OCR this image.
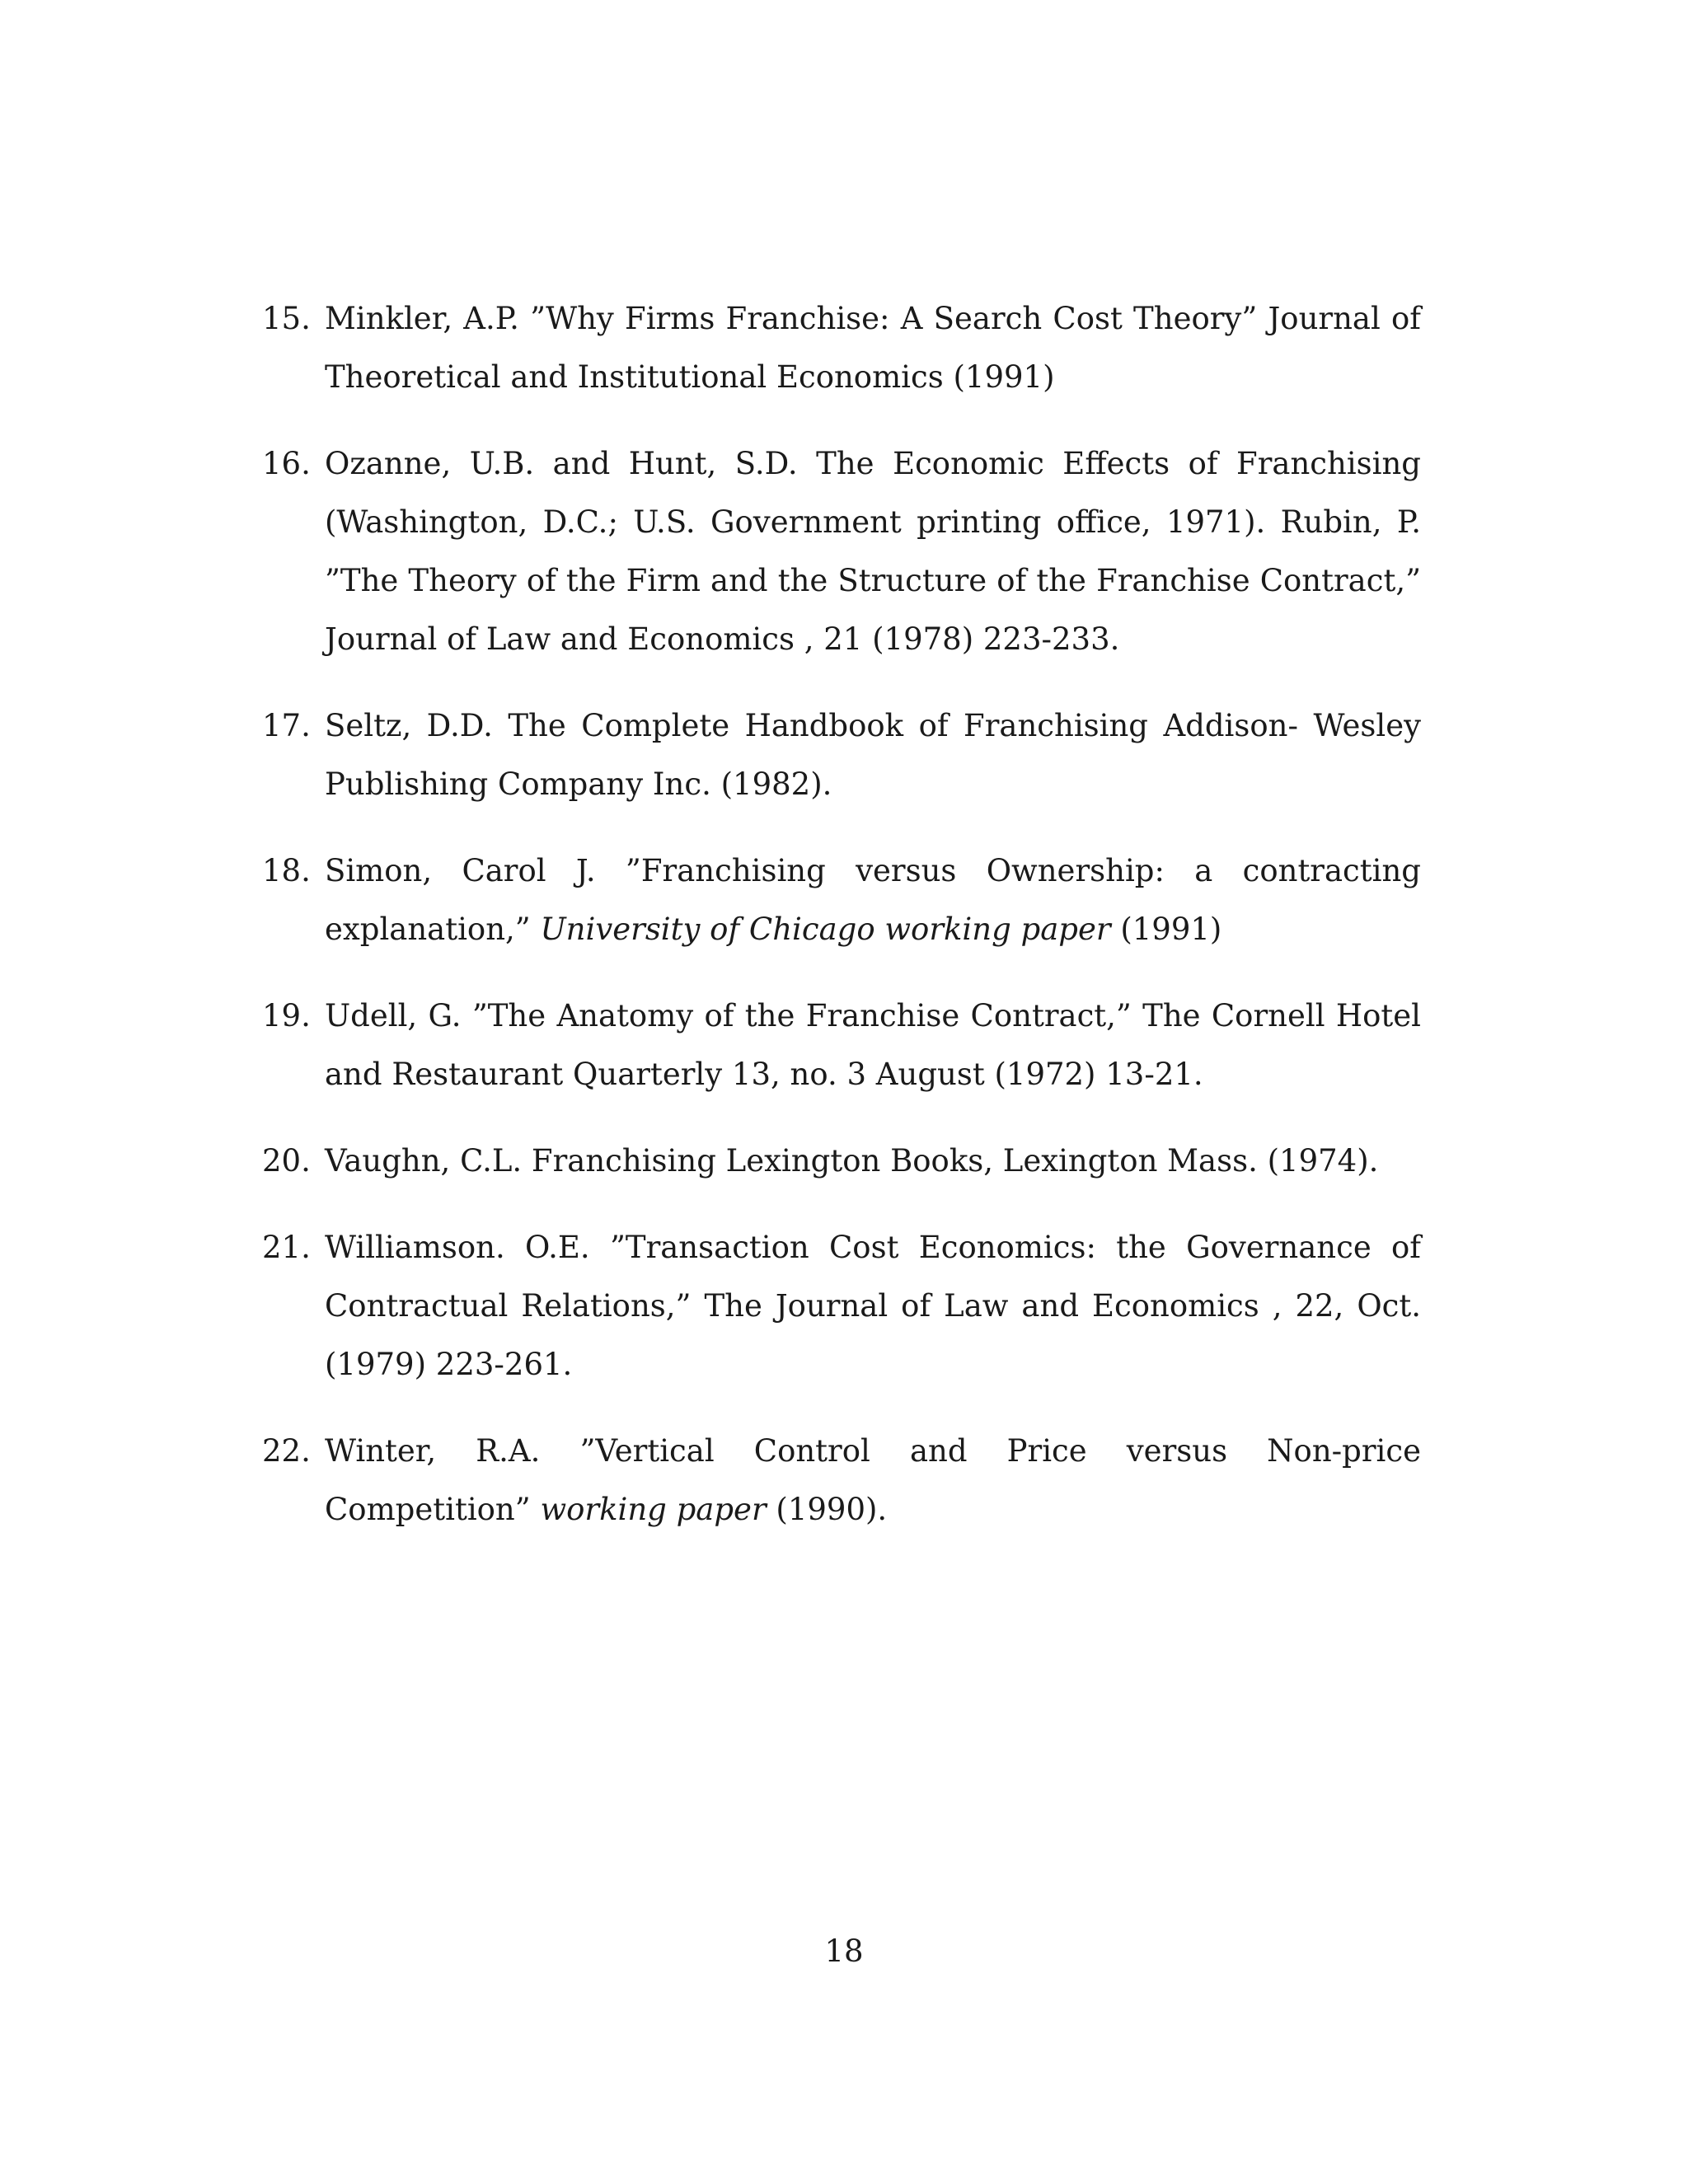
15. Minkler, A.P. ”Why Firms Franchise: A Search Cost Theory” Journal of Theoretical and Institutional Economics (1991)
16. Ozanne, U.B. and Hunt, S.D. The Economic Effects of Franchising (Washington, D.C.; U.S. Government printing office, 1971). Rubin, P. ”The Theory of the Firm and the Structure of the Franchise Contract,” Journal of Law and Economics , 21 (1978) 223-233.
17. Seltz, D.D. The Complete Handbook of Franchising Addison- Wesley Publishing Company Inc. (1982).
18. Simon, Carol J. ”Franchising versus Ownership: a contracting explanation,” University of Chicago working paper (1991)
19. Udell, G. ”The Anatomy of the Franchise Contract,” The Cornell Hotel and Restaurant Quarterly 13, no. 3 August (1972) 13-21.
20. Vaughn, C.L. Franchising Lexington Books, Lexington Mass. (1974).
21. Williamson. O.E. ”Transaction Cost Economics: the Governance of Contractual Relations,” The Journal of Law and Economics , 22, Oct. (1979) 223-261.
22. Winter, R.A. ”Vertical Control and Price versus Non-price Competition” working paper (1990).
18
